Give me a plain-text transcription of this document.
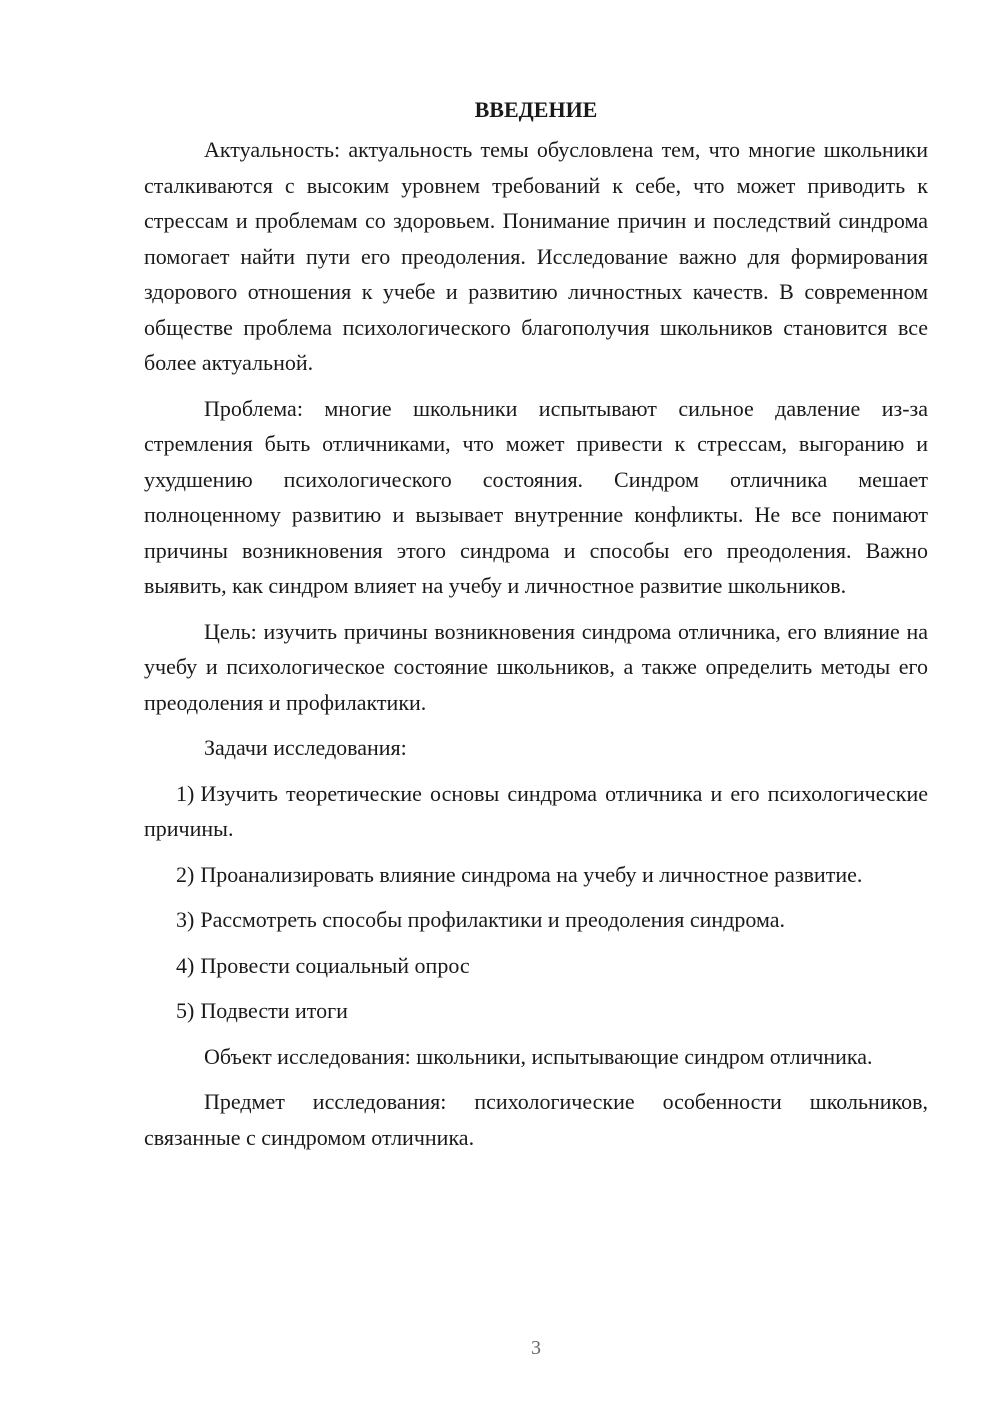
ВВЕДЕНИЕ

Актуальность: актуальность темы обусловлена тем, что многие школьники сталкиваются с высоким уровнем требований к себе, что может приводить к стрессам и проблемам со здоровьем. Понимание причин и последствий синдрома помогает найти пути его преодоления. Исследование важно для формирования здорового отношения к учебе и развитию личностных качеств. В современном обществе проблема психологического благополучия школьников становится все более актуальной.

Проблема: многие школьники испытывают сильное давление из-за стремления быть отличниками, что может привести к стрессам, выгоранию и ухудшению психологического состояния. Синдром отличника мешает полноценному развитию и вызывает внутренние конфликты. Не все понимают причины возникновения этого синдрома и способы его преодоления. Важно выявить, как синдром влияет на учебу и личностное развитие школьников.

Цель: изучить причины возникновения синдрома отличника, его влияние на учебу и психологическое состояние школьников, а также определить методы его преодоления и профилактики.

Задачи исследования:

1) Изучить теоретические основы синдрома отличника и его психологические причины.

2) Проанализировать влияние синдрома на учебу и личностное развитие.

3) Рассмотреть способы профилактики и преодоления синдрома.

4) Провести социальный опрос

5) Подвести итоги

Объект исследования: школьники, испытывающие синдром отличника.

Предмет исследования: психологические особенности школьников, связанные с синдромом отличника.

3
